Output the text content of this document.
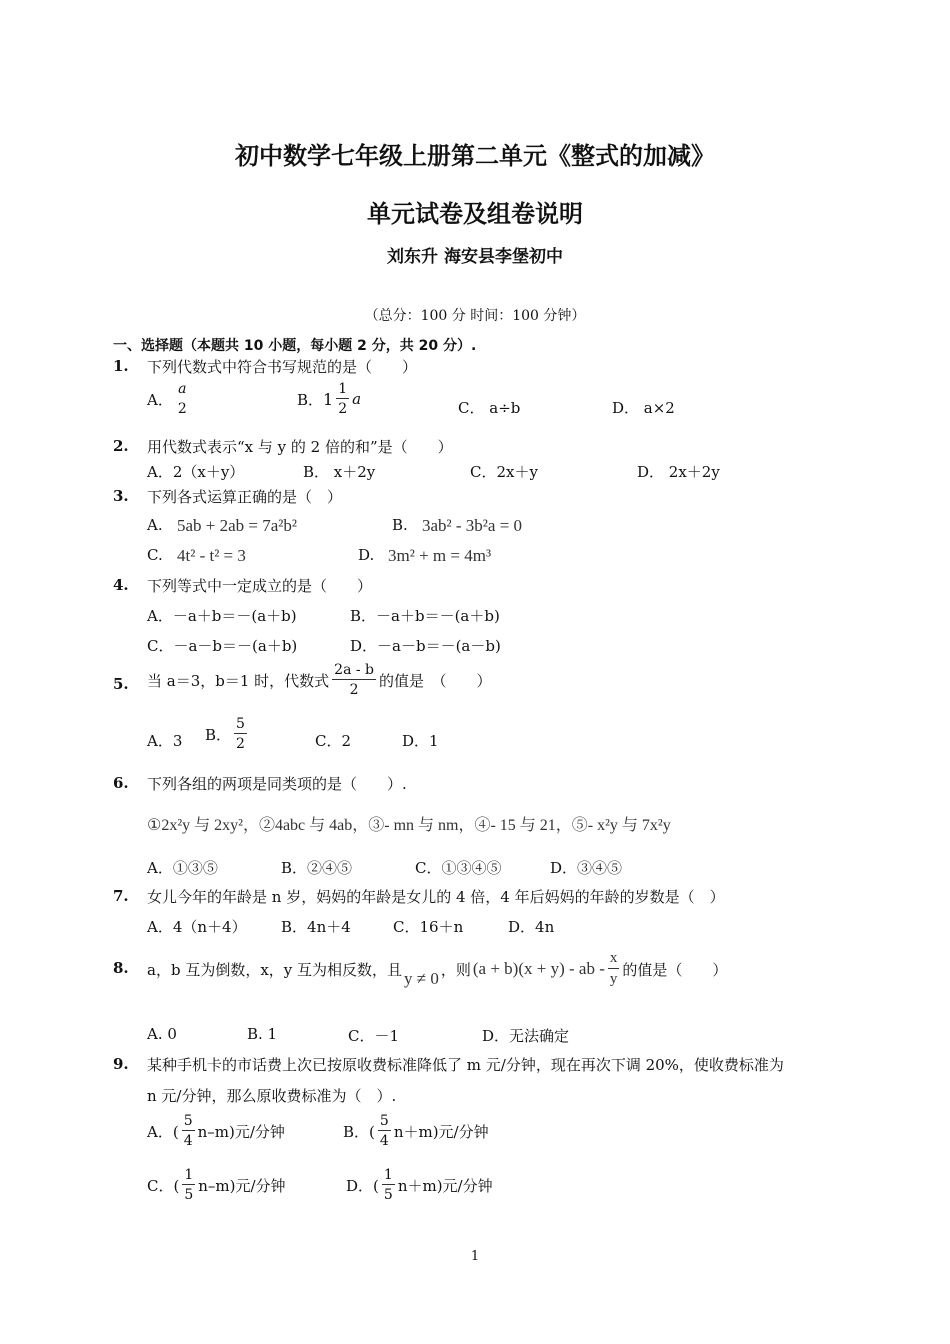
初中数学七年级上册第二单元《整式的加减》
单元试卷及组卷说明
刘东升 海安县李堡初中
（总分：100 分 时间：100 分钟）
一、选择题（本题共 10 小题，每小题 2 分，共 20 分）.
1. 下列代数式中符合书写规范的是（　　）
A． $\frac{a}{2}$	B． $1 \frac{1}{2}$ a	C． a÷b	D． a×2
2. 用代数式表示“x 与 y 的 2 倍的和”是（　　）
A．2（x＋y）	B． x＋2y	C．2x＋y	D． 2x＋2y
3. 下列各式运算正确的是（　）
A. 5ab + 2ab = 7a²b²	B. 3ab² - 3b²a = 0
C. 4t² - t² = 3	D. 3m² + m = 4m³
4. 下列等式中一定成立的是（　　）
A．－a＋b＝－(a＋b)	B．－a＋b＝－(a＋b)
C．－a－b＝－(a＋b)	D．－a－b＝－(a－b)
5. 当 a＝3，b＝1 时，代数式 $\frac{2a - b}{2}$ 的值是　（　　）
A．3 B． $\frac{5}{2}$	C．2	D．1
6. 下列各组的两项是同类项的是（　　）.
①2x²y 与 2xy²，②4abc 与 4ab，③- mn 与 nm，④- 15 与 21，⑤- x²y 与 7x²y
A．①③⑤	B．②④⑤	C．①③④⑤	D．③④⑤
7. 女儿今年的年龄是 n 岁，妈妈的年龄是女儿的 4 倍，4 年后妈妈的年龄的岁数是（　）
A．4（n＋4） B．4n＋4	C．16＋n	D．4n
8. a，b 互为倒数，x，y 互为相反数，且 y ≠ 0 ，则 (a + b)(x + y) - ab - $\frac{x}{y}$ 的值是（　　）
A. 0	B. 1	C．－1	D．无法确定
9. 某种手机卡的市话费上次已按原收费标准降低了 m 元/分钟，现在再次下调 20%，使收费标准为
n 元/分钟，那么原收费标准为（　）.
A．( $\frac{5}{4} n-m$)元/分钟	B．( $\frac{5}{4} n+m$)元/分钟
C．( $\frac{1}{5} n-m$)元/分钟	D．( $\frac{1}{5} n+m$)元/分钟
1
